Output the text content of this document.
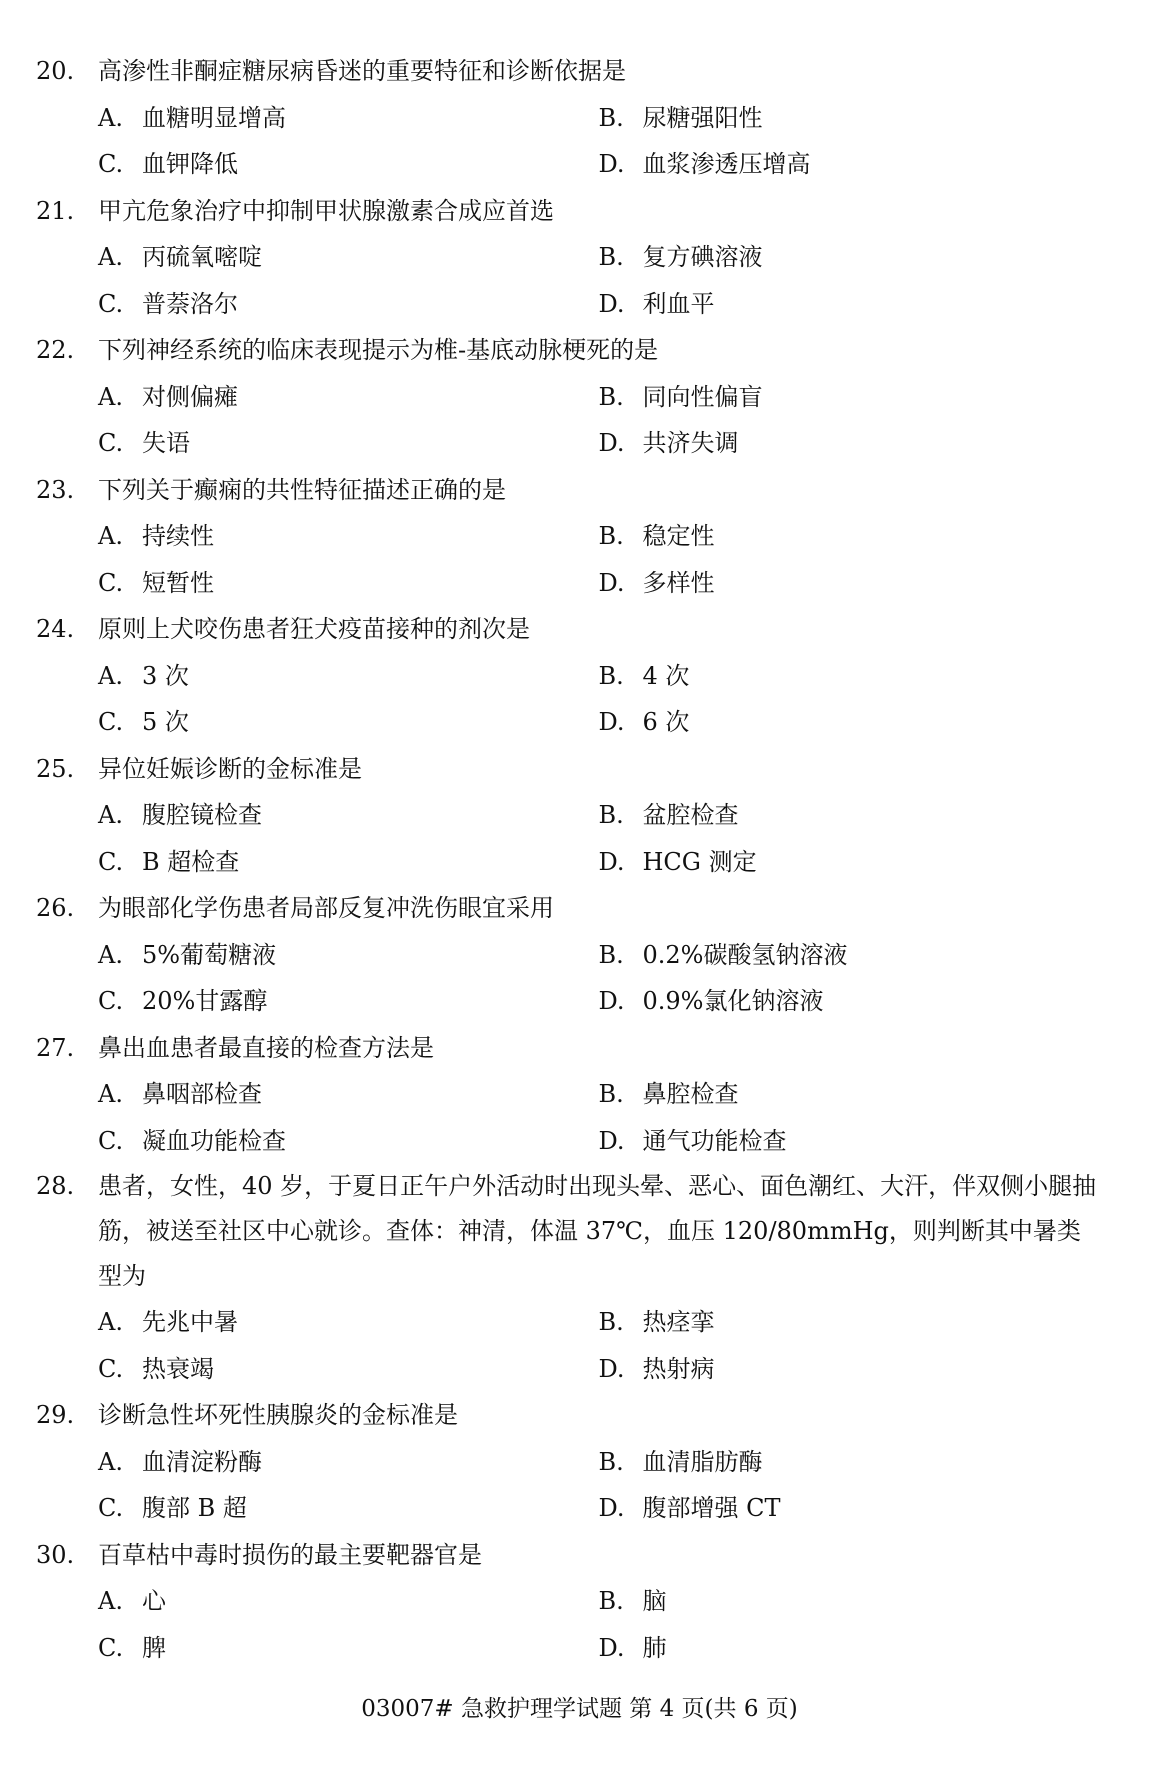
20. 高渗性非酮症糖尿病昏迷的重要特征和诊断依据是
A. 血糖明显增高	B. 尿糖强阳性
C. 血钾降低	D. 血浆渗透压增高
21. 甲亢危象治疗中抑制甲状腺激素合成应首选
A. 丙硫氧嘧啶	B. 复方碘溶液
C. 普萘洛尔	D. 利血平
22. 下列神经系统的临床表现提示为椎-基底动脉梗死的是
A. 对侧偏瘫	B. 同向性偏盲
C. 失语	D. 共济失调
23. 下列关于癫痫的共性特征描述正确的是
A. 持续性	B. 稳定性
C. 短暂性	D. 多样性
24. 原则上犬咬伤患者狂犬疫苗接种的剂次是
A. 3 次	B. 4 次
C. 5 次	D. 6 次
25. 异位妊娠诊断的金标准是
A. 腹腔镜检查	B. 盆腔检查
C. B 超检查	D. HCG 测定
26. 为眼部化学伤患者局部反复冲洗伤眼宜采用
A. 5%葡萄糖液	B. 0.2%碳酸氢钠溶液
C. 20%甘露醇	D. 0.9%氯化钠溶液
27. 鼻出血患者最直接的检查方法是
A. 鼻咽部检查	B. 鼻腔检查
C. 凝血功能检查	D. 通气功能检查
28. 患者，女性，40 岁，于夏日正午户外活动时出现头晕、恶心、面色潮红、大汗，伴双侧小腿抽筋，被送至社区中心就诊。查体：神清，体温 37℃，血压 120/80mmHg，则判断其中暑类型为
A. 先兆中暑	B. 热痉挛
C. 热衰竭	D. 热射病
29. 诊断急性坏死性胰腺炎的金标准是
A. 血清淀粉酶	B. 血清脂肪酶
C. 腹部 B 超	D. 腹部增强 CT
30. 百草枯中毒时损伤的最主要靶器官是
A. 心	B. 脑
C. 脾	D. 肺
03007# 急救护理学试题 第 4 页(共 6 页)
